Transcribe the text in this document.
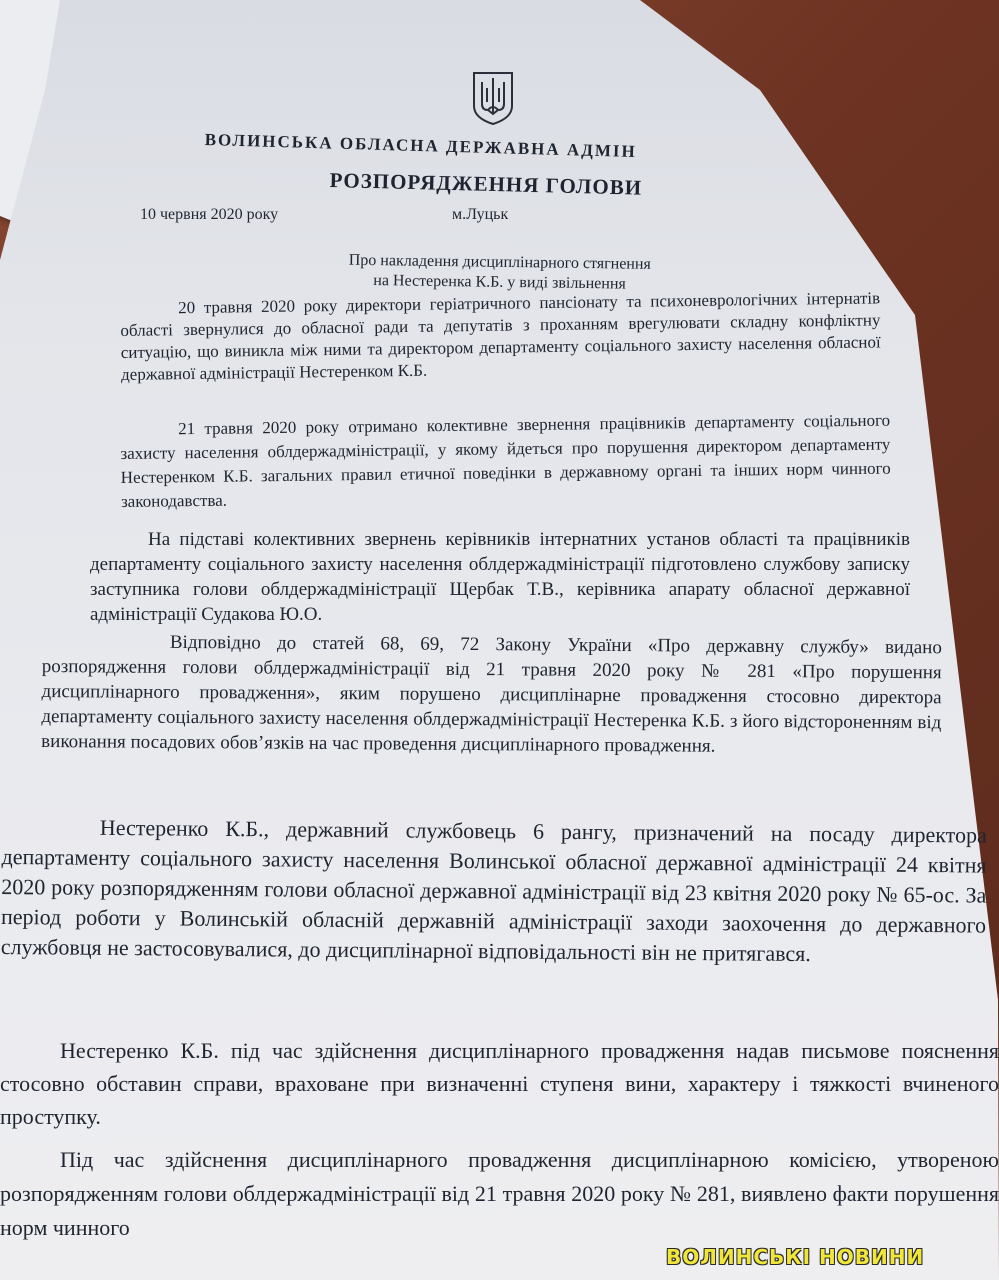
ВОЛИНСЬКА ОБЛАСНА ДЕРЖАВНА АДМІН
РОЗПОРЯДЖЕННЯ ГОЛОВИ
10 червня 2020 року	м.Луцьк
Про накладення дисциплінарного стягнення
на Нестеренка К.Б. у виді звільнення
20 травня 2020 року директори геріатричного пансіонату та психоневрологічних інтернатів області звернулися до обласної ради та депутатів з проханням врегулювати складну конфліктну ситуацію, що виникла між ними та директором департаменту соціального захисту населення обласної державної адміністрації Нестеренком К.Б.
21 травня 2020 року отримано колективне звернення працівників департаменту соціального захисту населення облдержадміністрації, у якому йдеться про порушення директором департаменту Нестеренком К.Б. загальних правил етичної поведінки в державному органі та інших норм чинного законодавства.
На підставі колективних звернень керівників інтернатних установ області та працівників департаменту соціального захисту населення облдержадміністрації підготовлено службову записку заступника голови облдержадміністрації Щербак Т.В., керівника апарату обласної державної адміністрації Судакова Ю.О.
Відповідно до статей 68, 69, 72 Закону України «Про державну службу» видано розпорядження голови облдержадміністрації від 21 травня 2020 року № 281 «Про порушення дисциплінарного провадження», яким порушено дисциплінарне провадження стосовно директора департаменту соціального захисту населення облдержадміністрації Нестеренка К.Б. з його відстороненням від виконання посадових обов’язків на час проведення дисциплінарного провадження.
Нестеренко К.Б., державний службовець 6 рангу, призначений на посаду директора департаменту соціального захисту населення Волинської обласної державної адміністрації 24 квітня 2020 року розпорядженням голови обласної державної адміністрації від 23 квітня 2020 року № 65-ос. За період роботи у Волинській обласній державній адміністрації заходи заохочення до державного службовця не застосовувалися, до дисциплінарної відповідальності він не притягався.
Нестеренко К.Б. під час здійснення дисциплінарного провадження надав письмове пояснення стосовно обставин справи, враховане при визначенні ступеня вини, характеру і тяжкості вчиненого проступку.
Під час здійснення дисциплінарного провадження дисциплінарною комісією, утвореною розпорядженням голови облдержадміністрації від 21 травня 2020 року № 281, виявлено факти порушення норм чинного
ВОЛИНСЬКІ НОВИНИ
